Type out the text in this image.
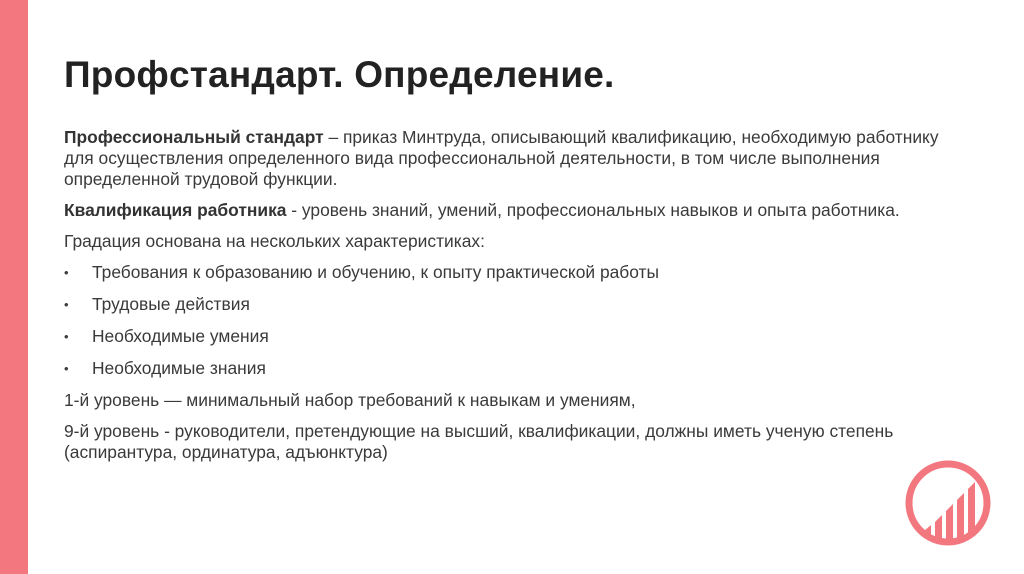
Профстандарт. Определение.

Профессиональный стандарт – приказ Минтруда, описывающий квалификацию, необходимую работнику для осуществления определенного вида профессиональной деятельности, в том числе выполнения определенной трудовой функции.

Квалификация работника - уровень знаний, умений, профессиональных навыков и опыта работника.

Градация основана на нескольких характеристиках:

• Требования к образованию и обучению, к опыту практической работы
• Трудовые действия
• Необходимые умения
• Необходимые знания

1-й уровень — минимальный набор требований к навыкам и умениям,

9-й уровень - руководители, претендующие на высший, квалификации, должны иметь ученую степень (аспирантура, ординатура, адъюнктура)
